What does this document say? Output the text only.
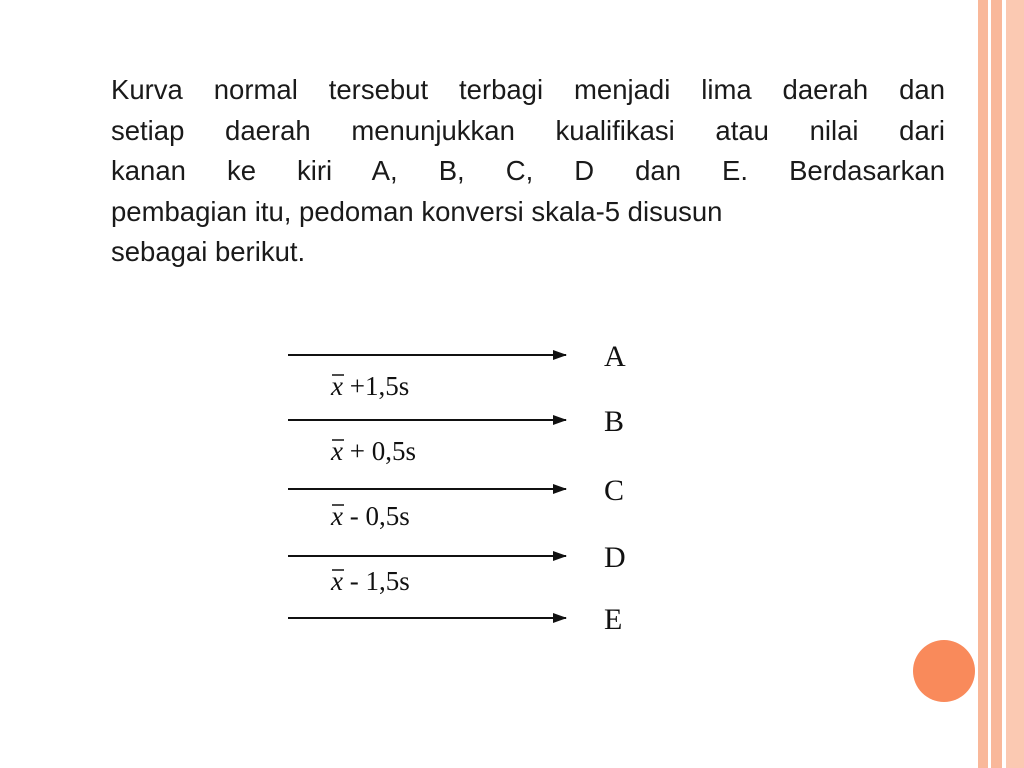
Kurva normal tersebut terbagi menjadi lima daerah dan
setiap daerah menunjukkan kualifikasi atau nilai dari
kanan ke kiri A, B, C, D dan E. Berdasarkan
pembagian itu, pedoman konversi skala-5 disusun
sebagai berikut.
A
B
C
D
E
x +1,5s
x + 0,5s
x - 0,5s
x - 1,5s
